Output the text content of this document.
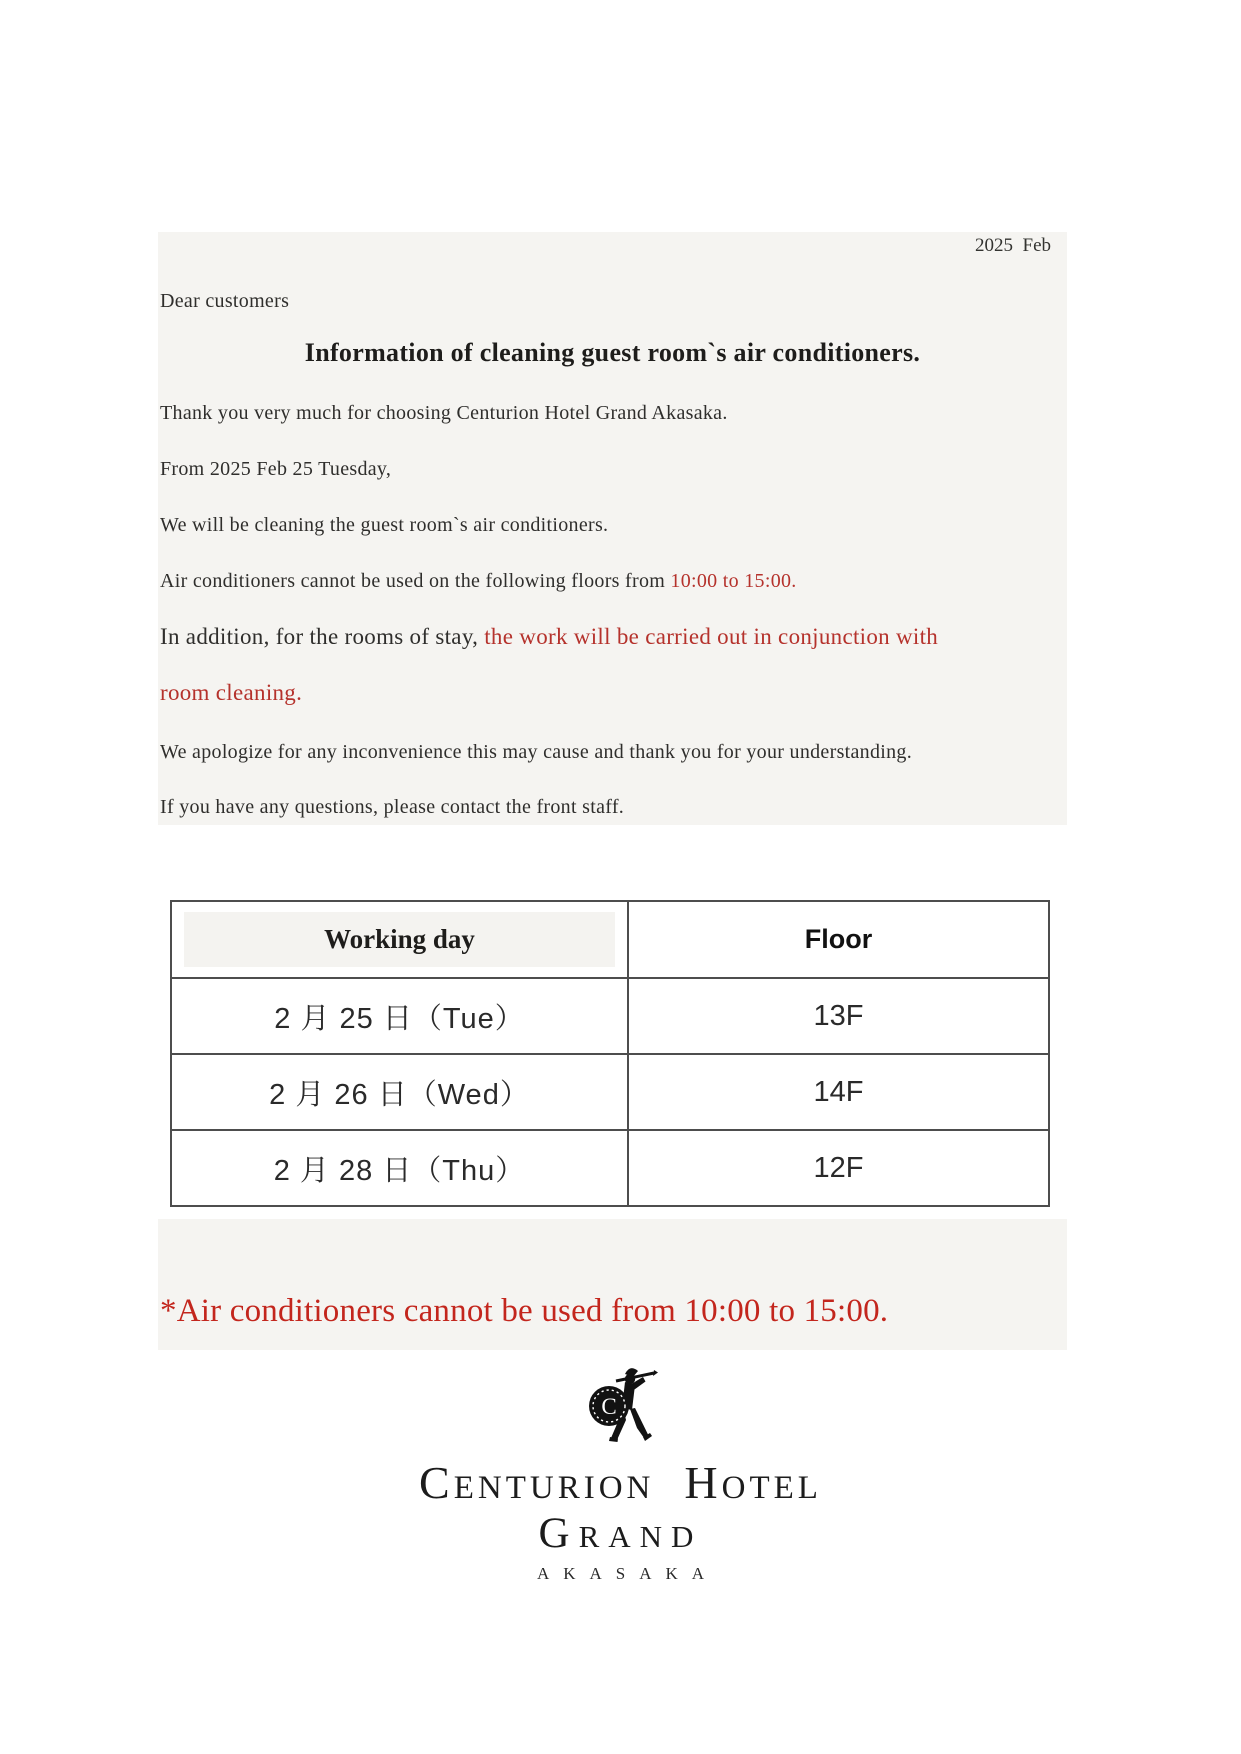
2025  Feb
Dear customers
Information of cleaning guest room`s air conditioners.
Thank you very much for choosing Centurion Hotel Grand Akasaka.
From 2025 Feb 25 Tuesday,
We will be cleaning the guest room`s air conditioners.
Air conditioners cannot be used on the following floors from 10:00 to 15:00.
In addition, for the rooms of stay, the work will be carried out in conjunction with
room cleaning.
We apologize for any inconvenience this may cause and thank you for your understanding.
If you have any questions, please contact the front staff.
Working day	Floor
2 月 25 日（Tue）	13F
2 月 26 日（Wed）	14F
2 月 28 日（Thu）	12F
*Air conditioners cannot be used from 10:00 to 15:00.
C
CENTURION HOTEL
GRAND
AKASAKA
